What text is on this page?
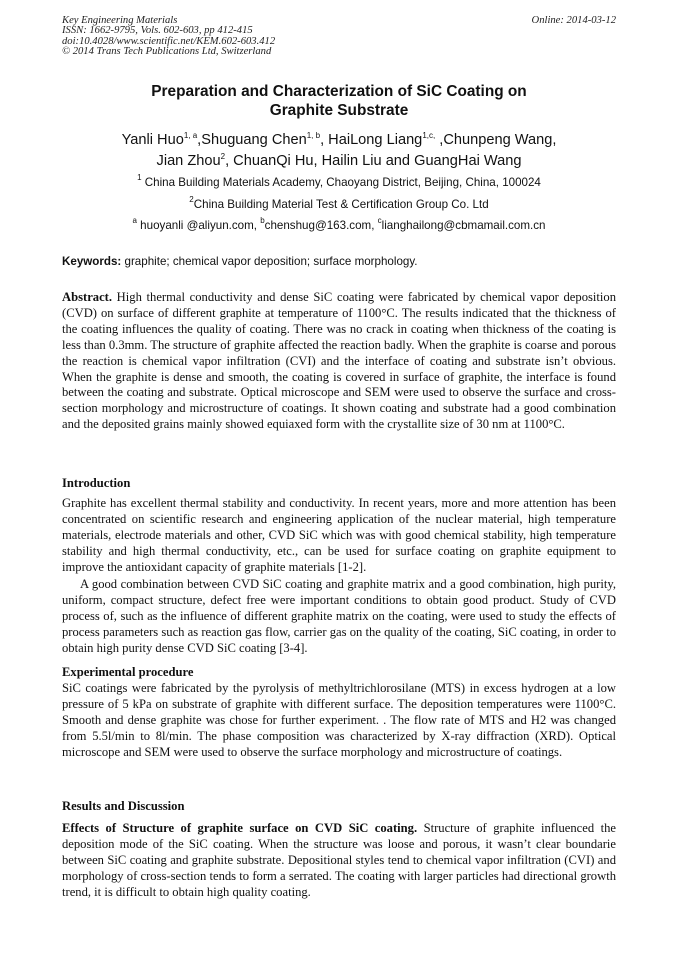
Key Engineering Materials
ISSN: 1662-9795, Vols. 602-603, pp 412-415
doi:10.4028/www.scientific.net/KEM.602-603.412
© 2014 Trans Tech Publications Ltd, Switzerland
Online: 2014-03-12
Preparation and Characterization of SiC Coating on
Graphite Substrate
Yanli Huo$^{1, a}$,Shuguang Chen$^{1, b}$, HaiLong Liang$^{1,c,}$ ,Chunpeng Wang,
Jian Zhou$^2$, ChuanQi Hu, Hailin Liu and GuangHai Wang
$^1$ China Building Materials Academy, Chaoyang District, Beijing, China, 100024
$^2$China Building Material Test & Certification Group Co. Ltd
$^a$ huoyanli @aliyun.com, $^b$chenshug@163.com, $^c$lianghailong@cbmamail.com.cn
Keywords: graphite; chemical vapor deposition; surface morphology.
Abstract. High thermal conductivity and dense SiC coating were fabricated by chemical vapor deposition (CVD) on surface of different graphite at temperature of 1100°C. The results indicated that the thickness of the coating influences the quality of coating. There was no crack in coating when thickness of the coating is less than 0.3mm. The structure of graphite affected the reaction badly. When the graphite is coarse and porous the reaction is chemical vapor infiltration (CVI) and the interface of coating and substrate isn’t obvious. When the graphite is dense and smooth, the coating is covered in surface of graphite, the interface is found between the coating and substrate. Optical microscope and SEM were used to observe the surface and cross-section morphology and microstructure of coatings. It shown coating and substrate had a good combination and the deposited grains mainly showed equiaxed form with the crystallite size of 30 nm at 1100°C.
Introduction
Graphite has excellent thermal stability and conductivity. In recent years, more and more attention has been concentrated on scientific research and engineering application of the nuclear material, high temperature materials, electrode materials and other, CVD SiC which was with good chemical stability, high temperature stability and high thermal conductivity, etc., can be used for surface coating on graphite equipment to improve the antioxidant capacity of graphite materials [1-2].
A good combination between CVD SiC coating and graphite matrix and a good combination, high purity, uniform, compact structure, defect free were important conditions to obtain good product. Study of CVD process of, such as the influence of different graphite matrix on the coating, were used to study the effects of process parameters such as reaction gas flow, carrier gas on the quality of the coating, SiC coating, in order to obtain high purity dense CVD SiC coating [3-4].
Experimental procedure
SiC coatings were fabricated by the pyrolysis of methyltrichlorosilane (MTS) in excess hydrogen at a low pressure of 5 kPa on substrate of graphite with different surface. The deposition temperatures were 1100°C. Smooth and dense graphite was chose for further experiment. . The flow rate of MTS and H2 was changed from 5.5l/min to 8l/min. The phase composition was characterized by X-ray diffraction (XRD). Optical microscope and SEM were used to observe the surface morphology and microstructure of coatings.
Results and Discussion
Effects of Structure of graphite surface on CVD SiC coating. Structure of graphite influenced the deposition mode of the SiC coating. When the structure was loose and porous, it wasn’t clear boundarie between SiC coating and graphite substrate. Depositional styles tend to chemical vapor infiltration (CVI) and morphology of cross-section tends to form a serrated. The coating with larger particles had directional growth trend, it is difficult to obtain high quality coating.
